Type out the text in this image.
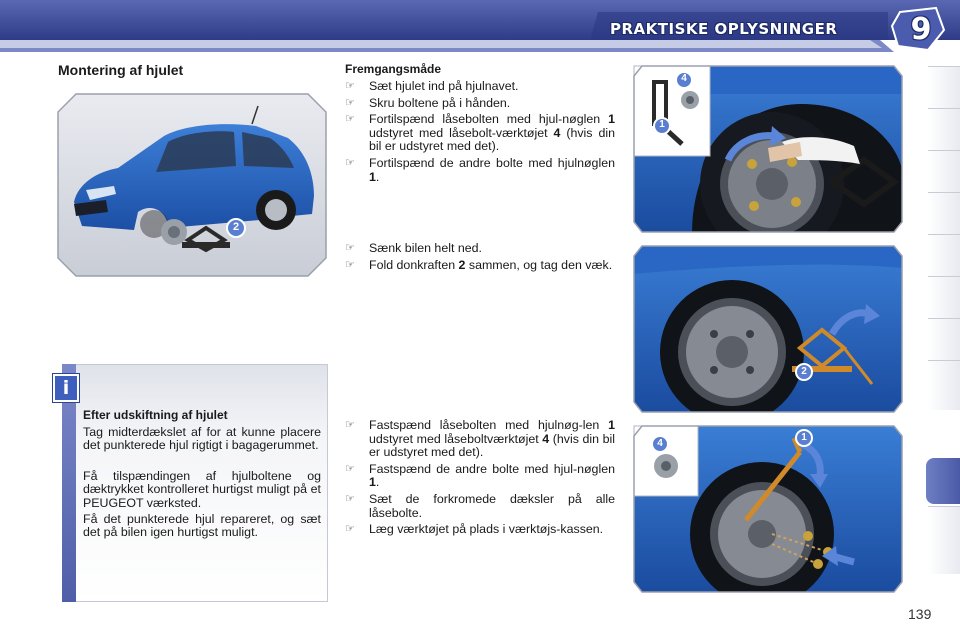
PRAKTISKE OPLYSNINGER	9
Montering af hjulet
2
Fremgangsmåde
☞ Sæt hjulet ind på hjulnavet.
☞ Skru boltene på i hånden.
☞ Fortilspænd låsebolten med hjul-nøglen 1 udstyret med låsebolt-værktøjet 4 (hvis din bil er udstyret med det).
☞ Fortilspænd de andre bolte med hjulnøglen 1.
☞ Sænk bilen helt ned.
☞ Fold donkraften 2 sammen, og tag den væk.
☞ Fastspænd låsebolten med hjulnøg-len 1 udstyret med låseboltværktøjet 4 (hvis din bil er udstyret med det).
☞ Fastspænd de andre bolte med hjul-nøglen 1.
☞ Sæt de forkromede dæksler på alle låsebolte.
☞ Læg værktøjet på plads i værktøjs-kassen.
4
1
2
4
1
i
Efter udskiftning af hjulet

Tag midterdækslet af for at kunne placere det punkterede hjul rigtigt i bagagerummet.

Få tilspændingen af hjulboltene og dæktrykket kontrolleret hurtigst muligt på et PEUGEOT værksted.

Få det punkterede hjul repareret, og sæt det på bilen igen hurtigst muligt.

139
